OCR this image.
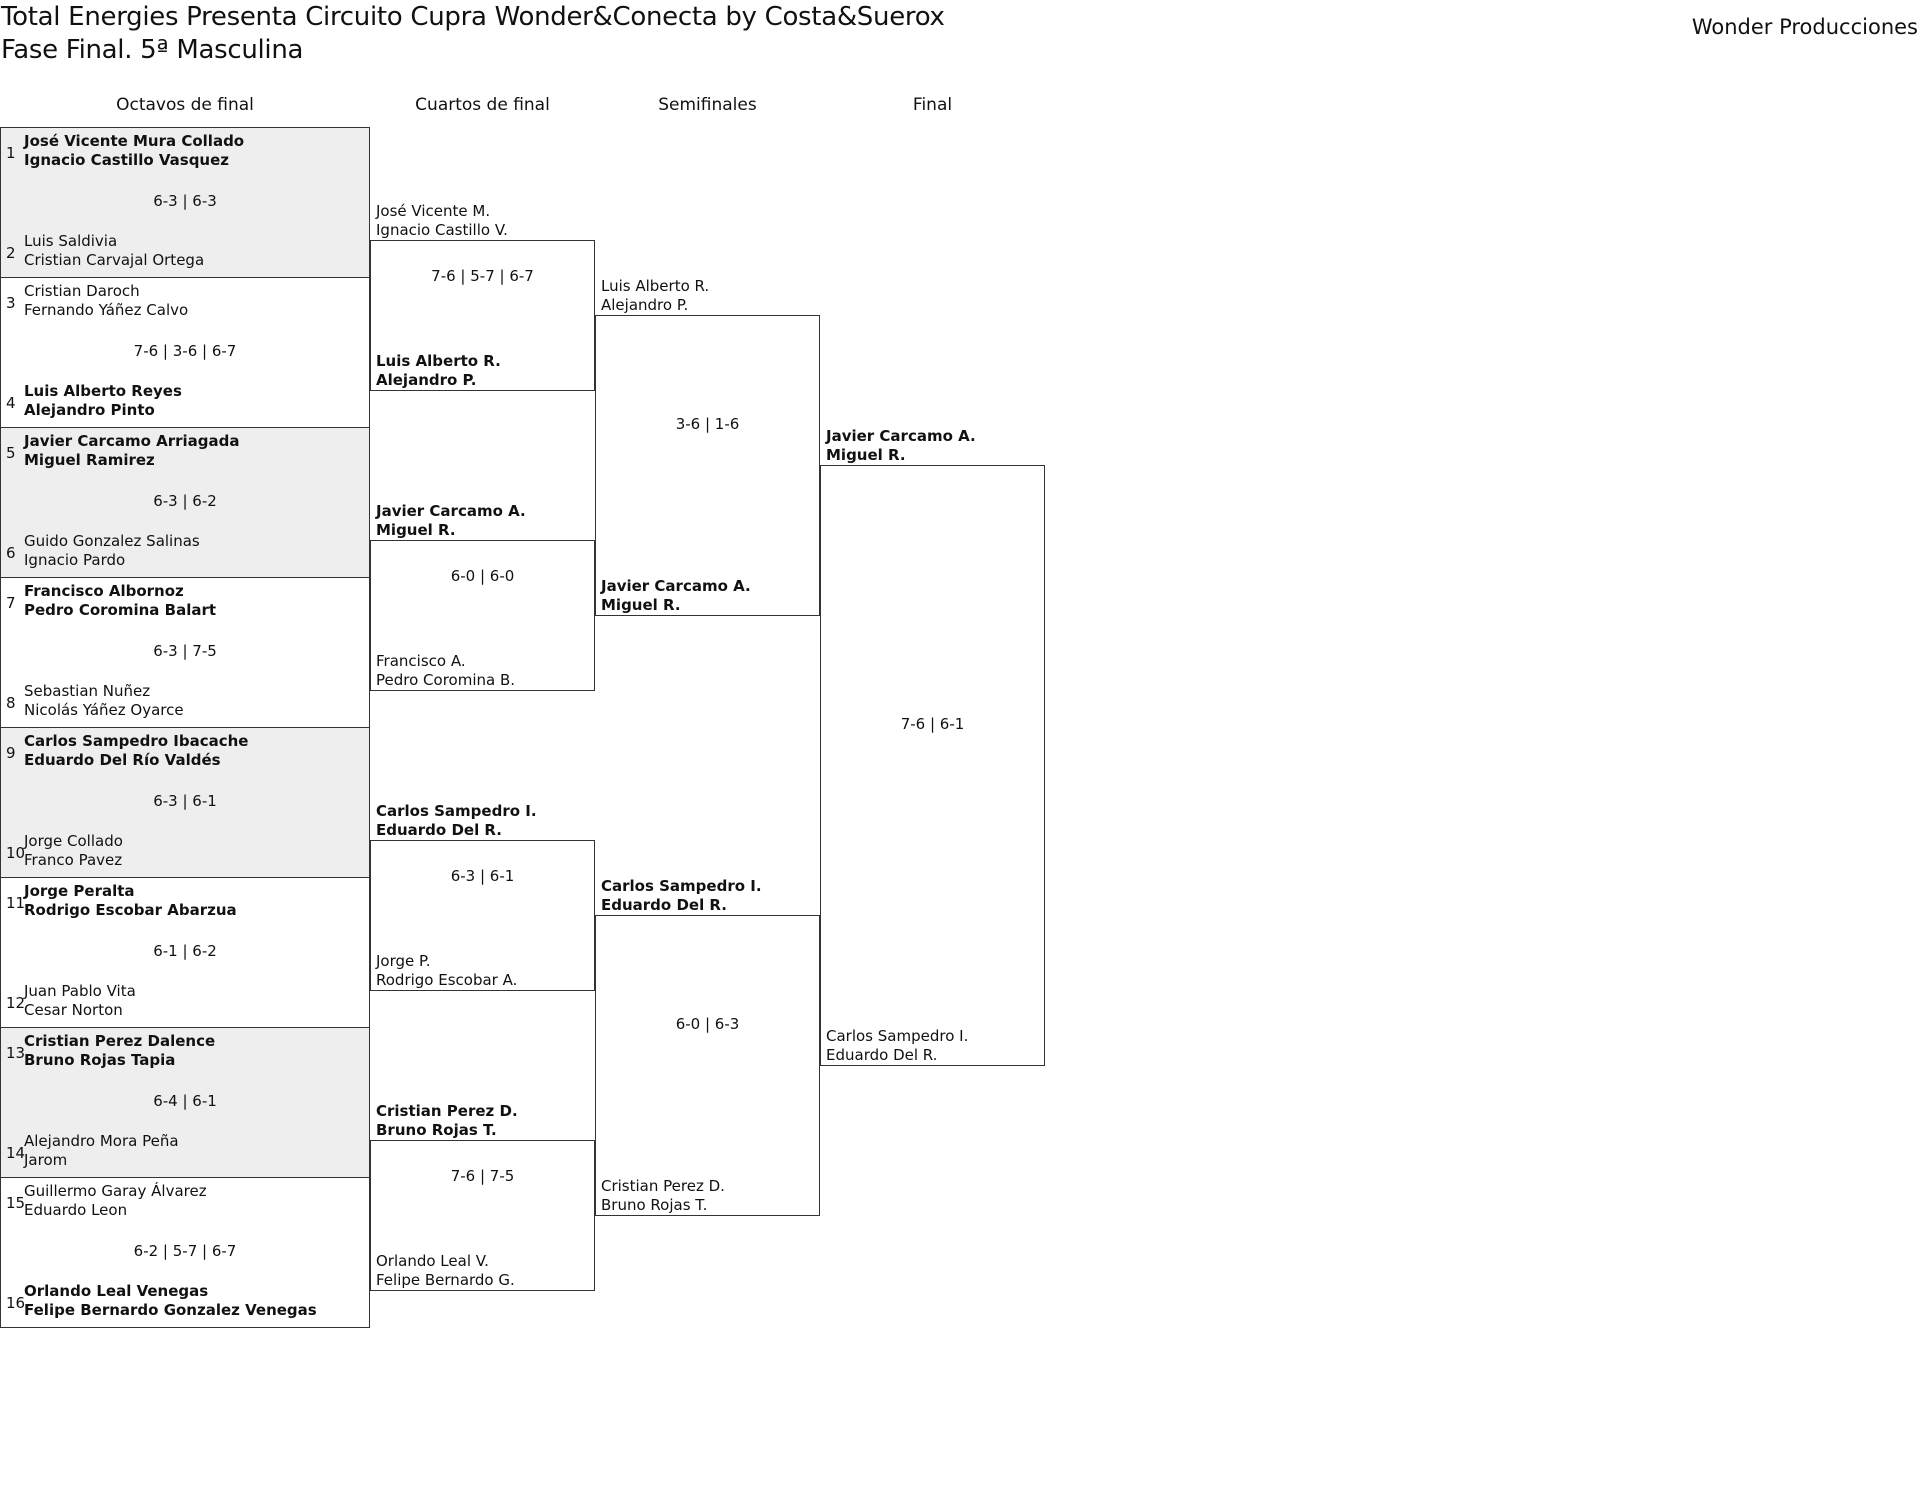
Total Energies Presenta Circuito Cupra Wonder&Conecta by Costa&Suerox
Fase Final. 5ª Masculina
Wonder Producciones
Octavos de final	Cuartos de final	Semifinales	Final
1
2
José Vicente Mura Collado
Ignacio Castillo Vasquez
Luis Saldivia
Cristian Carvajal Ortega
6-3 | 6-3
3
4
Cristian Daroch
Fernando Yáñez Calvo
Luis Alberto Reyes
Alejandro Pinto
7-6 | 3-6 | 6-7
5
6
Javier Carcamo Arriagada
Miguel Ramirez
Guido Gonzalez Salinas
Ignacio Pardo
6-3 | 6-2
7
8
Francisco Albornoz
Pedro Coromina Balart
Sebastian Nuñez
Nicolás Yáñez Oyarce
6-3 | 7-5
9
10
Carlos Sampedro Ibacache
Eduardo Del Río Valdés
Jorge Collado
Franco Pavez
6-3 | 6-1
11
12
Jorge Peralta
Rodrigo Escobar Abarzua
Juan Pablo Vita
Cesar Norton
6-1 | 6-2
13
14
Cristian Perez Dalence
Bruno Rojas Tapia
Alejandro Mora Peña
Jarom
6-4 | 6-1
15
16
Guillermo Garay Álvarez
Eduardo Leon
Orlando Leal Venegas
Felipe Bernardo Gonzalez Venegas
6-2 | 5-7 | 6-7
José Vicente M.
Ignacio Castillo V.
Luis Alberto R.
Alejandro P.
7-6 | 5-7 | 6-7
Javier Carcamo A.
Miguel R.
Francisco A.
Pedro Coromina B.
6-0 | 6-0
Carlos Sampedro I.
Eduardo Del R.
Jorge P.
Rodrigo Escobar A.
6-3 | 6-1
Cristian Perez D.
Bruno Rojas T.
Orlando Leal V.
Felipe Bernardo G.
7-6 | 7-5
Luis Alberto R.
Alejandro P.
Javier Carcamo A.
Miguel R.
3-6 | 1-6
Carlos Sampedro I.
Eduardo Del R.
Cristian Perez D.
Bruno Rojas T.
6-0 | 6-3
Javier Carcamo A.
Miguel R.
Carlos Sampedro I.
Eduardo Del R.
7-6 | 6-1
